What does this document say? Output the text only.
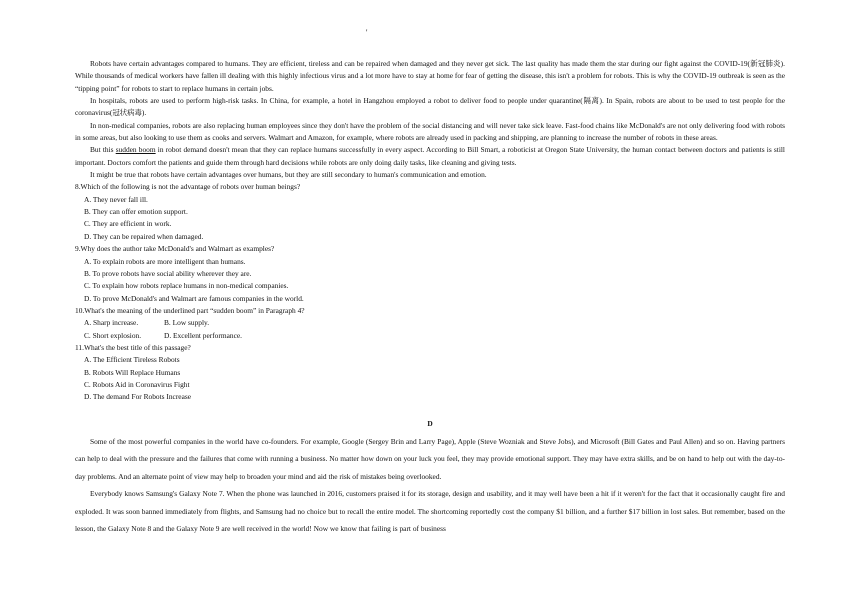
'

Robots have certain advantages compared to humans. They are efficient, tireless and can be repaired when damaged and they never get sick. The last quality has made them the star during our fight against the COVID-19(新冠肺炎). While thousands of medical workers have fallen ill dealing with this highly infectious virus and a lot more have to stay at home for fear of getting the disease, this isn't a problem for robots. This is why the COVID-19 outbreak is seen as the “tipping point” for robots to start to replace humans in certain jobs.

In hospitals, robots are used to perform high-risk tasks. In China, for example, a hotel in Hangzhou employed a robot to deliver food to people under quarantine(隔离). In Spain, robots are about to be used to test people for the coronavirus(冠状病毒).

In non-medical companies, robots are also replacing human employees since they don't have the problem of the social distancing and will never take sick leave. Fast-food chains like McDonald's are not only delivering food with robots in some areas, but also looking to use them as cooks and servers. Walmart and Amazon, for example, where robots are already used in packing and shipping, are planning to increase the number of robots in these areas.

But this sudden boom in robot demand doesn't mean that they can replace humans successfully in every aspect. According to Bill Smart, a roboticist at Oregon State University, the human contact between doctors and patients is still important. Doctors comfort the patients and guide them through hard decisions while robots are only doing daily tasks, like cleaning and giving tests.

It might be true that robots have certain advantages over humans, but they are still secondary to human's communication and emotion.

8.Which of the following is not the advantage of robots over human beings?
A. They never fall ill.
B. They can offer emotion support.
C. They are efficient in work.
D. They can be repaired when damaged.
9.Why does the author take McDonald's and Walmart as examples?
A. To explain robots are more intelligent than humans.
B. To prove robots have social ability wherever they are.
C. To explain how robots replace humans in non-medical companies.
D. To prove McDonald's and Walmart are famous companies in the world.
10.What's the meaning of the underlined part “sudden boom” in Paragraph 4?
A. Sharp increase.	B. Low supply.
C. Short explosion.	D. Excellent performance.
11.What's the best title of this passage?
A. The Efficient Tireless Robots
B. Robots Will Replace Humans
C. Robots Aid in Coronavirus Fight
D. The demand For Robots Increase
D

Some of the most powerful companies in the world have co-founders. For example, Google (Sergey Brin and Larry Page), Apple (Steve Wozniak and Steve Jobs), and Microsoft (Bill Gates and Paul Allen) and so on. Having partners can help to deal with the pressure and the failures that come with running a business. No matter how down on your luck you feel, they may provide emotional support. They may have extra skills, and be on hand to help out with the day-to-day problems. And an alternate point of view may help to broaden your mind and aid the risk of mistakes being overlooked.

Everybody knows Samsung's Galaxy Note 7. When the phone was launched in 2016, customers praised it for its storage, design and usability, and it may well have been a hit if it weren't for the fact that it occasionally caught fire and exploded. It was soon banned immediately from flights, and Samsung had no choice but to recall the entire model. The shortcoming reportedly cost the company $1 billion, and a further $17 billion in lost sales. But remember, based on the lesson, the Galaxy Note 8 and the Galaxy Note 9 are well received in the world! Now we know that failing is part of business
